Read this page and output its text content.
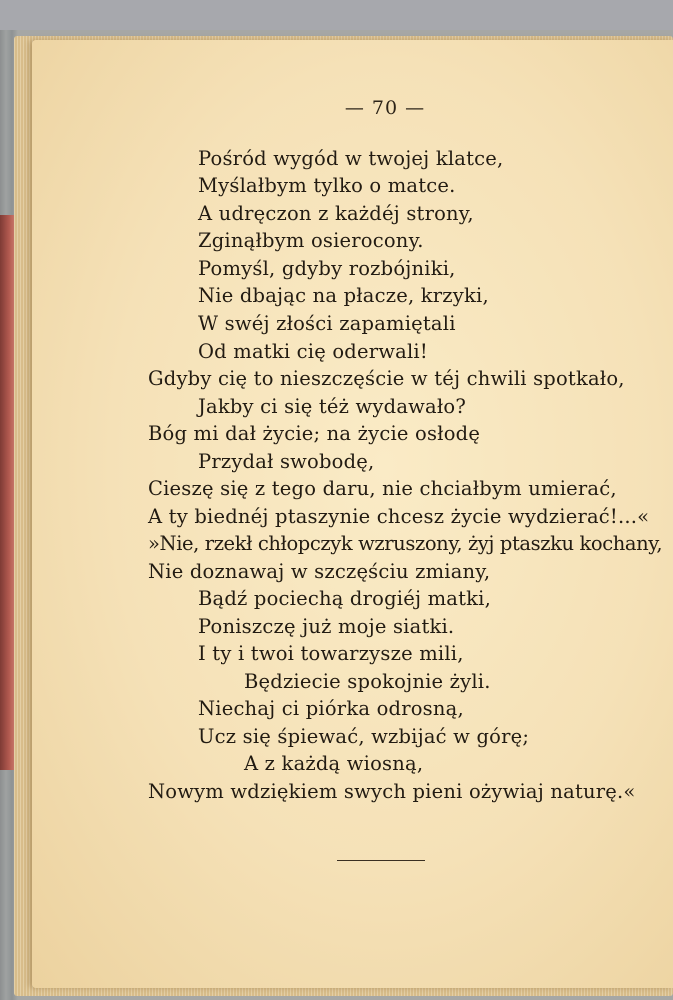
— 70 —
Pośród wygód w twojej klatce,
Myślałbym tylko o matce.
A udręczon z każdéj strony,
Zginąłbym osierocony.
Pomyśl, gdyby rozbójniki,
Nie dbając na płacze, krzyki,
W swéj złości zapamiętali
Od matki cię oderwali!
Gdyby cię to nieszczęście w téj chwili spotkało,
Jakby ci się téż wydawało?
Bóg mi dał życie; na życie osłodę
Przydał swobodę,
Cieszę się z tego daru, nie chciałbym umierać,
A ty biednéj ptaszynie chcesz życie wydzierać!...«
»Nie, rzekł chłopczyk wzruszony, żyj ptaszku kochany,
Nie doznawaj w szczęściu zmiany,
Bądź pociechą drogiéj matki,
Poniszczę już moje siatki.
I ty i twoi towarzysze mili,
Będziecie spokojnie żyli.
Niechaj ci piórka odrosną,
Ucz się śpiewać, wzbijać w górę;
A z każdą wiosną,
Nowym wdziękiem swych pieni ożywiaj naturę.«
